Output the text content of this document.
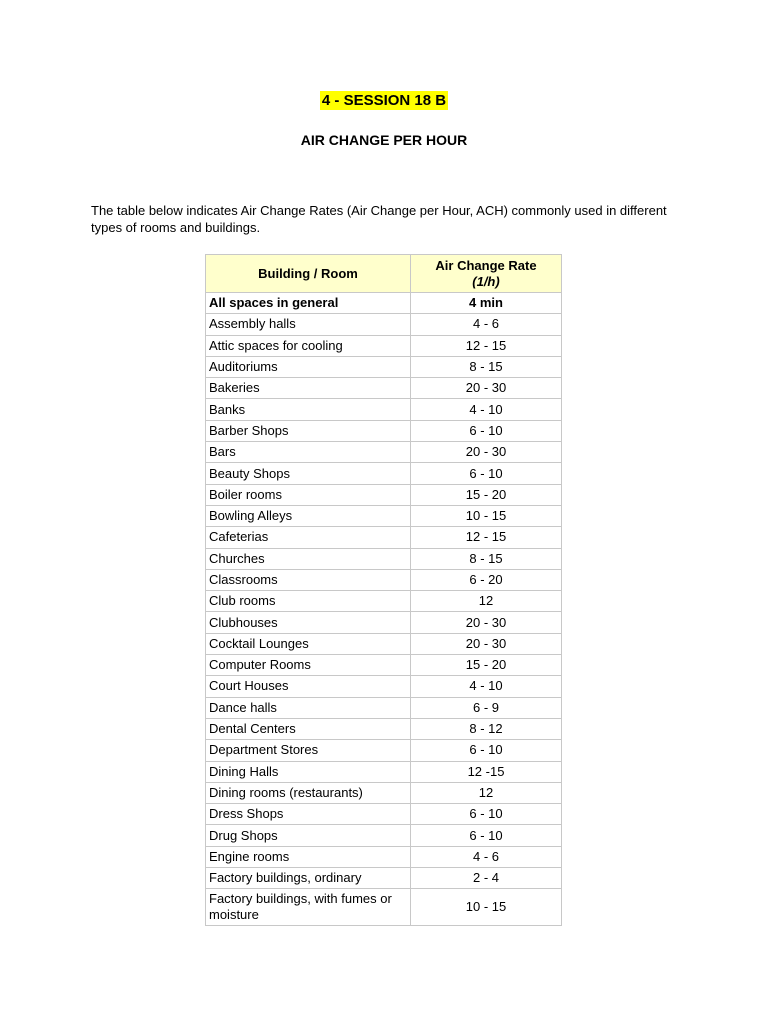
4 - SESSION 18 B
AIR CHANGE PER HOUR
The table below indicates Air Change Rates (Air Change per Hour, ACH) commonly used in different types of rooms and buildings.
Building / Room	Air Change Rate
(1/h)
All spaces in general	4 min
Assembly halls	4 - 6
Attic spaces for cooling	12 - 15
Auditoriums	8 - 15
Bakeries	20 - 30
Banks	4 - 10
Barber Shops	6 - 10
Bars	20 - 30
Beauty Shops	6 - 10
Boiler rooms	15 - 20
Bowling Alleys	10 - 15
Cafeterias	12 - 15
Churches	8 - 15
Classrooms	6 - 20
Club rooms	12
Clubhouses	20 - 30
Cocktail Lounges	20 - 30
Computer Rooms	15 - 20
Court Houses	4 - 10
Dance halls	6 - 9
Dental Centers	8 - 12
Department Stores	6 - 10
Dining Halls	12 -15
Dining rooms (restaurants)	12
Dress Shops	6 - 10
Drug Shops	6 - 10
Engine rooms	4 - 6
Factory buildings, ordinary	2 - 4
Factory buildings, with fumes or moisture	10 - 15
